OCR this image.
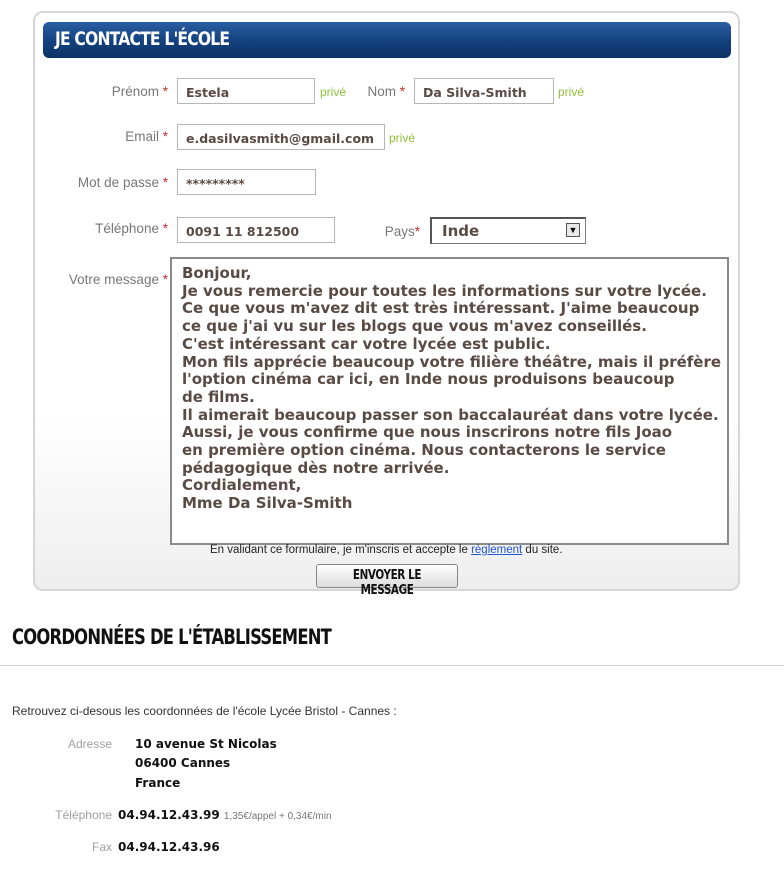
JE CONTACTE L'ÉCOLE
Prénom *	Estela	privé	Nom *	Da Silva-Smith	privé
Email *	e.dasilvasmith@gmail.com	privé
Mot de passe *	*********
Téléphone *	0091 11 812500	Pays* Inde	▼
Votre message * Bonjour,
Je vous remercie pour toutes les informations sur votre lycée.
Ce que vous m'avez dit est très intéressant. J'aime beaucoup
ce que j'ai vu sur les blogs que vous m'avez conseillés.
C'est intéressant car votre lycée est public.
Mon fils apprécie beaucoup votre filière théâtre, mais il préfère
l'option cinéma car ici, en Inde nous produisons beaucoup
de films.
Il aimerait beaucoup passer son baccalauréat dans votre lycée.
Aussi, je vous confirme que nous inscrirons notre fils Joao
en première option cinéma. Nous contacterons le service
pédagogique dès notre arrivée.
Cordialement,
Mme Da Silva-Smith
En validant ce formulaire, je m'inscris et accepte le règlement du site.
ENVOYER LE MESSAGE
COORDONNÉES DE L'ÉTABLISSEMENT
Retrouvez ci-desous les coordonnées de l'école Lycée Bristol - Cannes :
Adresse 10 avenue St Nicolas
06400 Cannes
France
Téléphone 04.94.12.43.99 1,35€/appel + 0,34€/min
Fax 04.94.12.43.96
